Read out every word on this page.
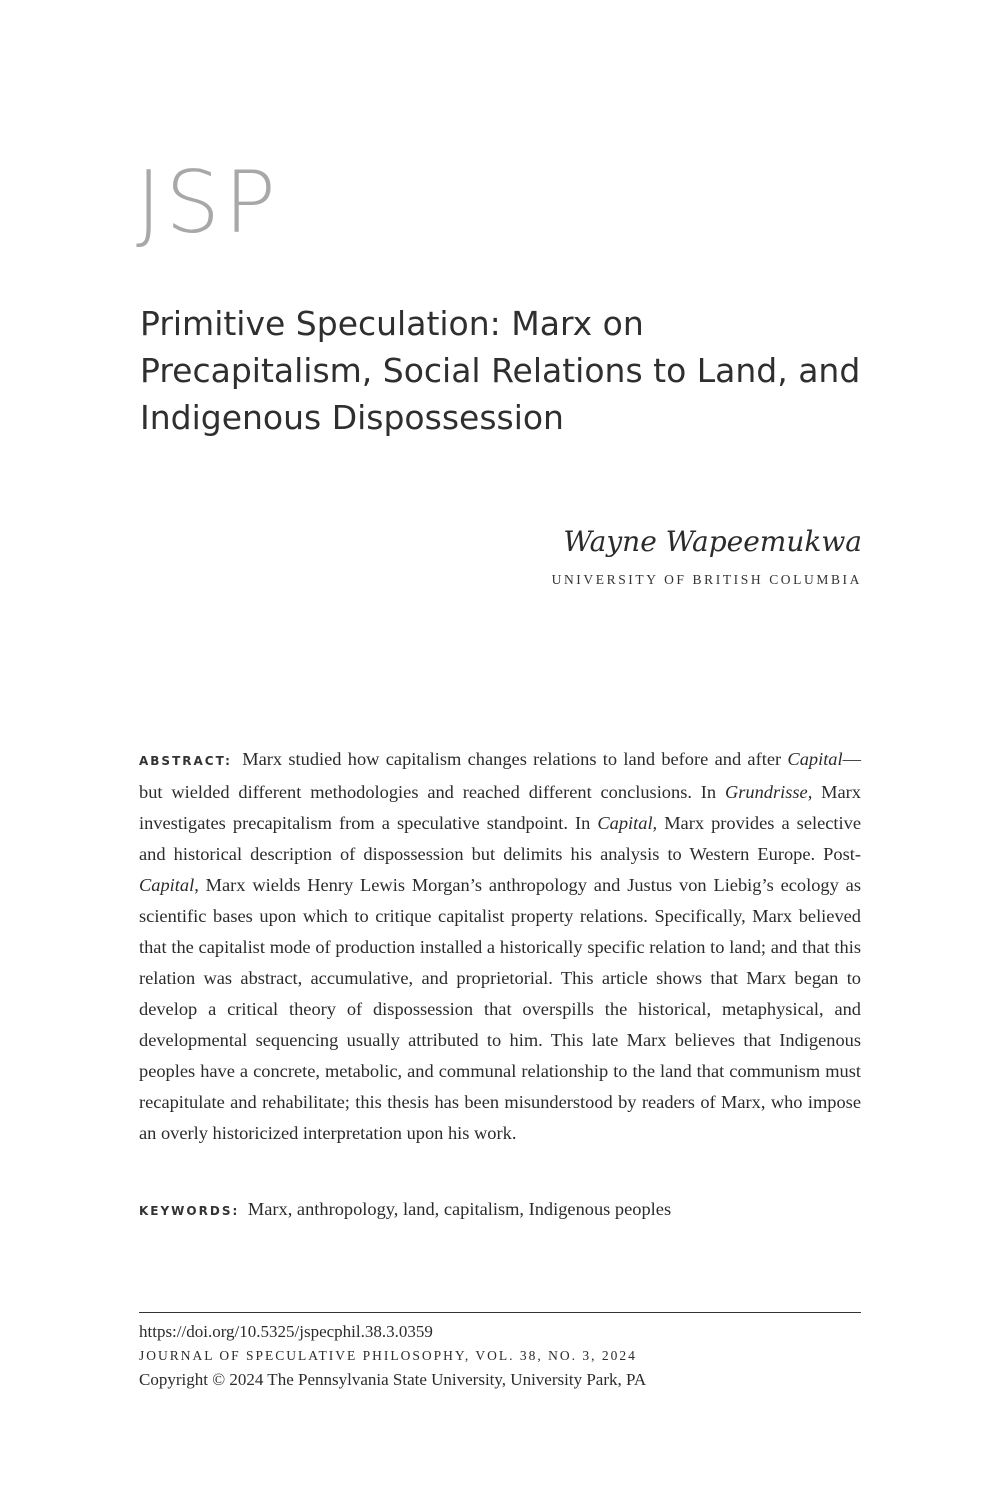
JSP
Primitive Speculation: Marx on Precapitalism, Social Relations to Land, and Indigenous Dispossession
Wayne Wapeemukwa
UNIVERSITY OF BRITISH COLUMBIA

ABSTRACT: Marx studied how capitalism changes relations to land before and after Capital—but wielded different methodologies and reached different conclusions. In Grundrisse, Marx investigates precapitalism from a speculative standpoint. In Capital, Marx provides a selective and historical description of dispossession but delimits his analysis to Western Europe. Post-Capital, Marx wields Henry Lewis Morgan’s anthropology and Justus von Liebig’s ecology as scientific bases upon which to critique capitalist property relations. Specifically, Marx believed that the capitalist mode of production installed a historically specific relation to land; and that this relation was abstract, accumulative, and proprietorial. This article shows that Marx began to develop a critical theory of dispossession that overspills the historical, metaphysical, and developmental sequencing usually attributed to him. This late Marx believes that Indigenous peoples have a concrete, metabolic, and communal relationship to the land that communism must recapitulate and rehabilitate; this thesis has been misunderstood by readers of Marx, who impose an overly historicized interpretation upon his work.

KEYWORDS: Marx, anthropology, land, capitalism, Indigenous peoples

https://doi.org/10.5325/jspecphil.38.3.0359
JOURNAL OF SPECULATIVE PHILOSOPHY, VOL. 38, NO. 3, 2024
Copyright © 2024 The Pennsylvania State University, University Park, PA
